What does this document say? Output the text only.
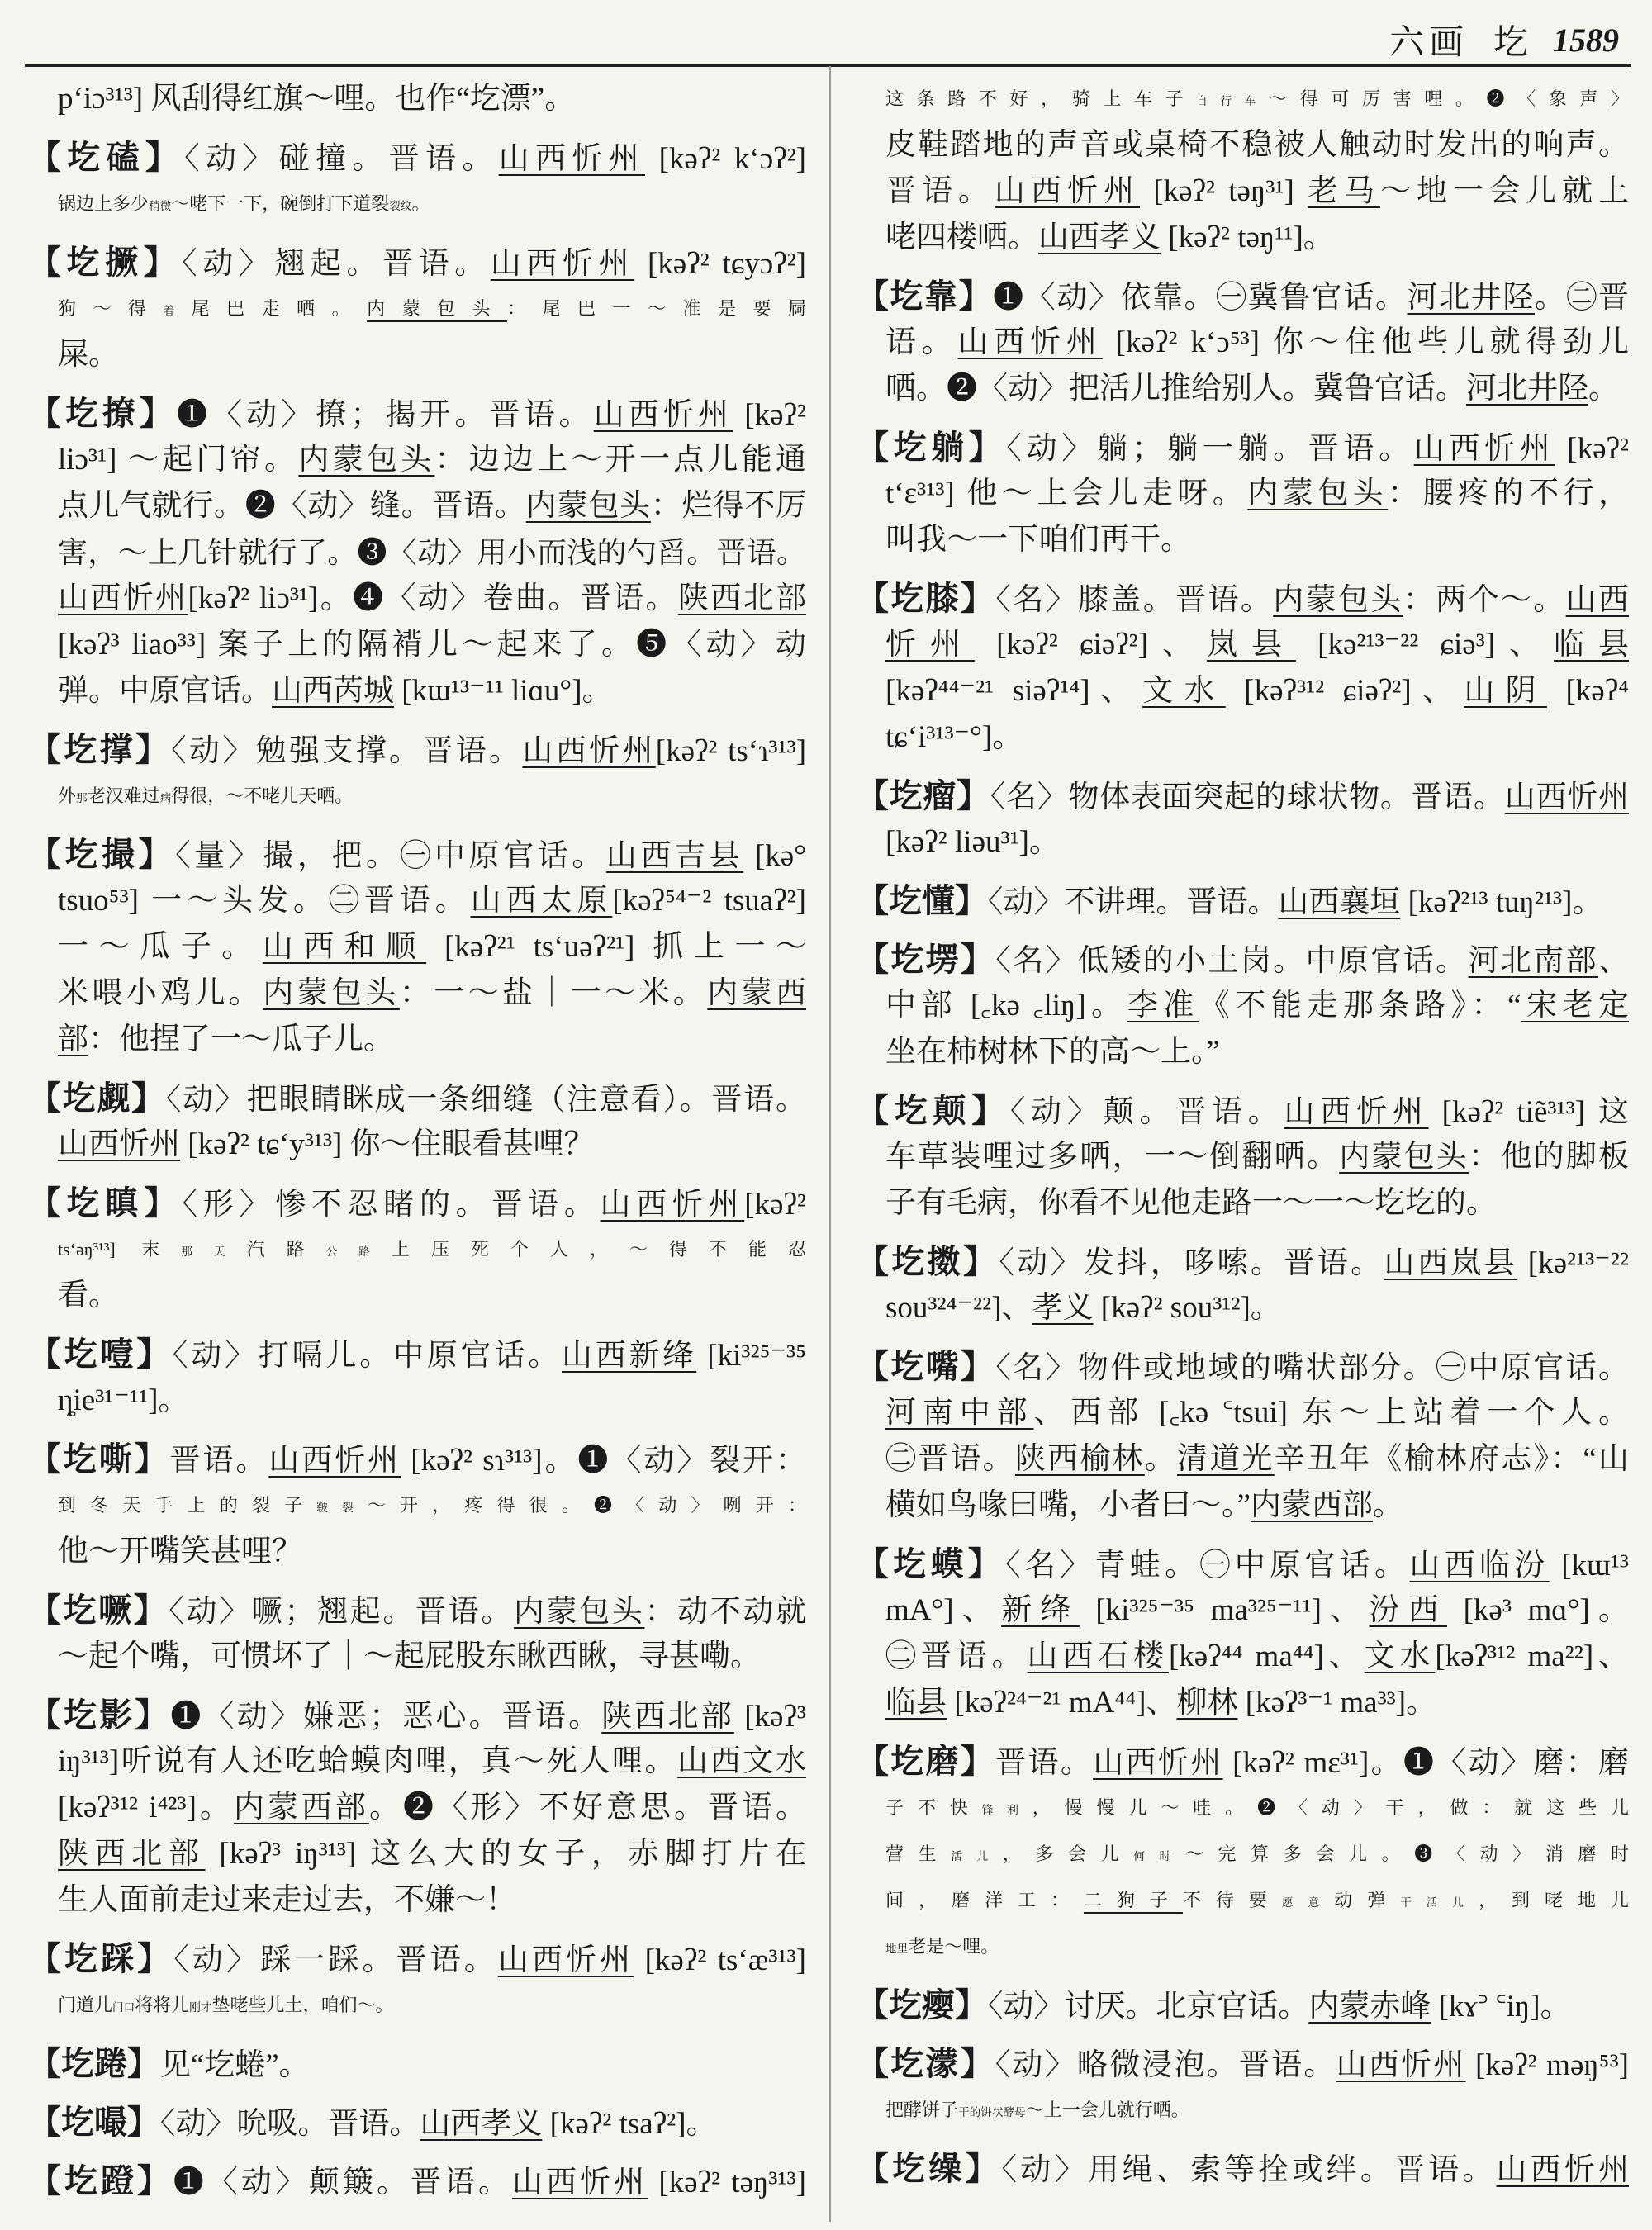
六画 圪 1589
pʻiɔ³¹³] 风刮得红旗～哩。也作“圪漂”。
【圪磕】〈动〉碰撞。晋语。山西忻州 [kəʔ² kʻɔʔ²]
锅边上多少稍微～咾下一下，碗倒打下道裂裂纹。
【圪撅】〈动〉翘起。晋语。山西忻州 [kəʔ² tɕyɔʔ²]
狗～得着尾巴走哂。内蒙包头：尾巴一～准是要屙
屎。
【圪撩】❶〈动〉撩；揭开。晋语。山西忻州 [kəʔ²
liɔ³¹] ～起门帘。内蒙包头：边边上～开一点儿能通
点儿气就行。❷〈动〉缝。晋语。内蒙包头：烂得不厉
害，～上几针就行了。❸〈动〉用小而浅的勺舀。晋语。
山西忻州[kəʔ² liɔ³¹]。❹〈动〉卷曲。晋语。陕西北部
[kəʔ³ liao³³] 案子上的隔褙儿～起来了。❺〈动〉动
弹。中原官话。山西芮城 [kɯ¹³⁻¹¹ liɑu°]。
【圪撑】〈动〉勉强支撑。晋语。山西忻州[kəʔ² tsʻɿ³¹³]
外那老汉难过病得很，～不咾儿天哂。
【圪撮】〈量〉撮，把。㊀中原官话。山西吉县 [kə°
tsuo⁵³] 一～头发。㊁晋语。山西太原[kəʔ⁵⁴⁻² tsuaʔ²]
一～瓜子。山西和顺 [kəʔ²¹ tsʻuəʔ²¹] 抓上一～
米喂小鸡儿。内蒙包头：一～盐｜一～米。内蒙西
部：他捏了一～瓜子儿。
【圪觑】〈动〉把眼睛眯成一条细缝（注意看）。晋语。
山西忻州 [kəʔ² tɕʻy³¹³] 你～住眼看甚哩？
【圪瞋】〈形〉惨不忍睹的。晋语。山西忻州[kəʔ²
tsʻəŋ³¹³] 末那天汽路公路上压死个人，～得不能忍
看。
【圪噎】〈动〉打嗝儿。中原官话。山西新绛 [ki³²⁵⁻³⁵
ȵie³¹⁻¹¹]。
【圪嘶】晋语。山西忻州 [kəʔ² sɿ³¹³]。❶〈动〉裂开：
到冬天手上的裂子皲裂～开，疼得很。❷〈动〉咧开：
他～开嘴笑甚哩？
【圪噘】〈动〉噘；翘起。晋语。内蒙包头：动不动就
～起个嘴，可惯坏了｜～起屁股东瞅西瞅，寻甚嘞。
【圪影】❶〈动〉嫌恶；恶心。晋语。陕西北部 [kəʔ³
iŋ³¹³]听说有人还吃蛤蟆肉哩，真～死人哩。山西文水
[kəʔ³¹² i⁴²³]。内蒙西部。❷〈形〉不好意思。晋语。
陕西北部 [kəʔ³ iŋ³¹³] 这么大的女子，赤脚打片在
生人面前走过来走过去，不嫌～！
【圪踩】〈动〉踩一踩。晋语。山西忻州 [kəʔ² tsʻæ³¹³]
门道儿门口将将儿刚才垫咾些儿土，咱们～。
【圪踡】见“圪蜷”。
【圪嘬】〈动〉吮吸。晋语。山西孝义 [kəʔ² tsaʔ²]。
【圪蹬】❶〈动〉颠簸。晋语。山西忻州 [kəʔ² təŋ³¹³]
这条路不好，骑上车子自行车～得可厉害哩。❷〈象声〉
皮鞋踏地的声音或桌椅不稳被人触动时发出的响声。
晋语。山西忻州 [kəʔ² təŋ³¹] 老马～地一会儿就上
咾四楼哂。山西孝义 [kəʔ² təŋ¹¹]。
【圪靠】❶〈动〉依靠。㊀冀鲁官话。河北井陉。㊁晋
语。山西忻州 [kəʔ² kʻɔ⁵³] 你～住他些儿就得劲儿
哂。❷〈动〉把活儿推给别人。冀鲁官话。河北井陉。
【圪躺】〈动〉躺；躺一躺。晋语。山西忻州 [kəʔ²
tʻɛ³¹³] 他～上会儿走呀。内蒙包头：腰疼的不行，
叫我～一下咱们再干。
【圪膝】〈名〉膝盖。晋语。内蒙包头：两个～。山西
忻州 [kəʔ² ɕiəʔ²]、岚县 [kə²¹³⁻²² ɕiə³]、临县
[kəʔ⁴⁴⁻²¹ siəʔ¹⁴]、文水 [kəʔ³¹² ɕiəʔ²]、山阴 [kəʔ⁴
tɕʻi³¹³⁻°]。
【圪瘤】〈名〉物体表面突起的球状物。晋语。山西忻州
[kəʔ² liəu³¹]。
【圪懂】〈动〉不讲理。晋语。山西襄垣 [kəʔ²¹³ tuŋ²¹³]。
【圪塄】〈名〉低矮的小土岗。中原官话。河北南部、
中部 [꜀kə ꜀liŋ]。李准《不能走那条路》：“宋老定
坐在柿树林下的高～上。”
【圪颠】〈动〉颠。晋语。山西忻州 [kəʔ² tiẽ³¹³] 这
车草装哩过多哂，一～倒翻哂。内蒙包头：他的脚板
子有毛病，你看不见他走路一～一～圪圪的。
【圪擞】〈动〉发抖，哆嗦。晋语。山西岚县 [kə²¹³⁻²²
sou³²⁴⁻²²]、孝义 [kəʔ² sou³¹²]。
【圪嘴】〈名〉物件或地域的嘴状部分。㊀中原官话。
河南中部、西部 [꜀kə ꜂tsui] 东～上站着一个人。
㊁晋语。陕西榆林。清道光辛丑年《榆林府志》：“山
横如鸟喙曰嘴，小者曰～。”内蒙西部。
【圪蟆】〈名〉青蛙。㊀中原官话。山西临汾 [kɯ¹³
mA°]、新绛 [ki³²⁵⁻³⁵ ma³²⁵⁻¹¹]、汾西 [kə³ mɑ°]。
㊁晋语。山西石楼[kəʔ⁴⁴ ma⁴⁴]、文水[kəʔ³¹² ma²²]、
临县 [kəʔ²⁴⁻²¹ mA⁴⁴]、柳林 [kəʔ³⁻¹ ma³³]。
【圪磨】晋语。山西忻州 [kəʔ² mɛ³¹]。❶〈动〉磨：磨
子不快锋利，慢慢儿～哇。❷〈动〉干，做：就这些儿
营生活儿，多会儿何时～完算多会儿。❸〈动〉消磨时
间，磨洋工：二狗子不待要愿意动弹干活儿，到咾地儿
地里老是～哩。
【圪瘿】〈动〉讨厌。北京官话。内蒙赤峰 [kɤ꜄ ꜂iŋ]。
【圪濛】〈动〉略微浸泡。晋语。山西忻州 [kəʔ² məŋ⁵³]
把酵饼子干的饼状酵母～上一会儿就行哂。
【圪缲】〈动〉用绳、索等拴或绊。晋语。山西忻州
